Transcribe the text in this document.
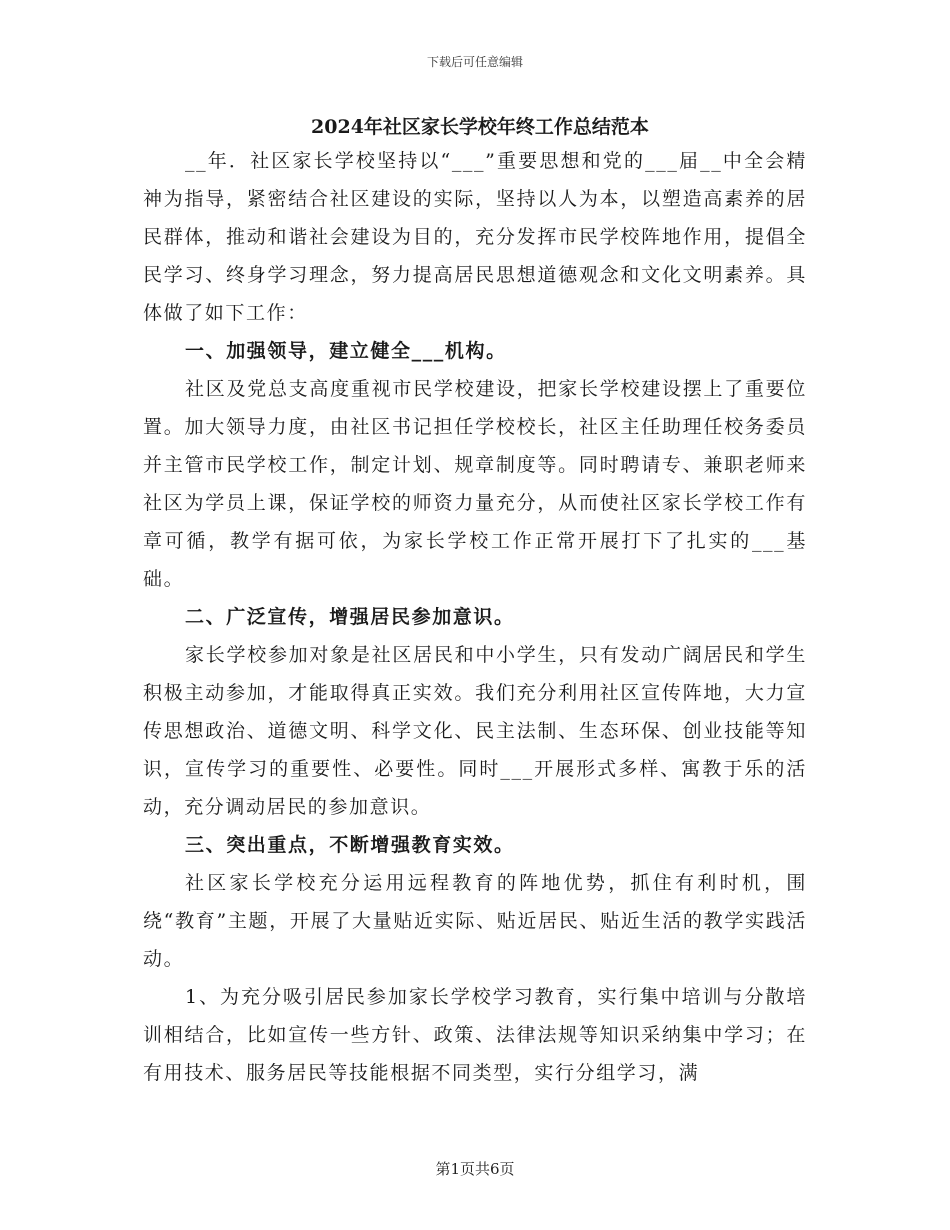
下载后可任意编辑
2024年社区家长学校年终工作总结范本

__年．社区家长学校坚持以“___”重要思想和党的___届__中全会精神为指导，紧密结合社区建设的实际，坚持以人为本，以塑造高素养的居民群体，推动和谐社会建设为目的，充分发挥市民学校阵地作用，提倡全民学习、终身学习理念，努力提高居民思想道德观念和文化文明素养。具体做了如下工作：

一、加强领导，建立健全___机构。

社区及党总支高度重视市民学校建设，把家长学校建设摆上了重要位置。加大领导力度，由社区书记担任学校校长，社区主任助理任校务委员并主管市民学校工作，制定计划、规章制度等。同时聘请专、兼职老师来社区为学员上课，保证学校的师资力量充分，从而使社区家长学校工作有章可循，教学有据可依，为家长学校工作正常开展打下了扎实的___基础。

二、广泛宣传，增强居民参加意识。

家长学校参加对象是社区居民和中小学生，只有发动广阔居民和学生积极主动参加，才能取得真正实效。我们充分利用社区宣传阵地，大力宣传思想政治、道德文明、科学文化、民主法制、生态环保、创业技能等知识，宣传学习的重要性、必要性。同时___开展形式多样、寓教于乐的活动，充分调动居民的参加意识。

三、突出重点，不断增强教育实效。

社区家长学校充分运用远程教育的阵地优势，抓住有利时机，围绕“教育”主题，开展了大量贴近实际、贴近居民、贴近生活的教学实践活动。

1、为充分吸引居民参加家长学校学习教育，实行集中培训与分散培训相结合，比如宣传一些方针、政策、法律法规等知识采纳集中学习；在有用技术、服务居民等技能根据不同类型，实行分组学习，满

第1页共6页
